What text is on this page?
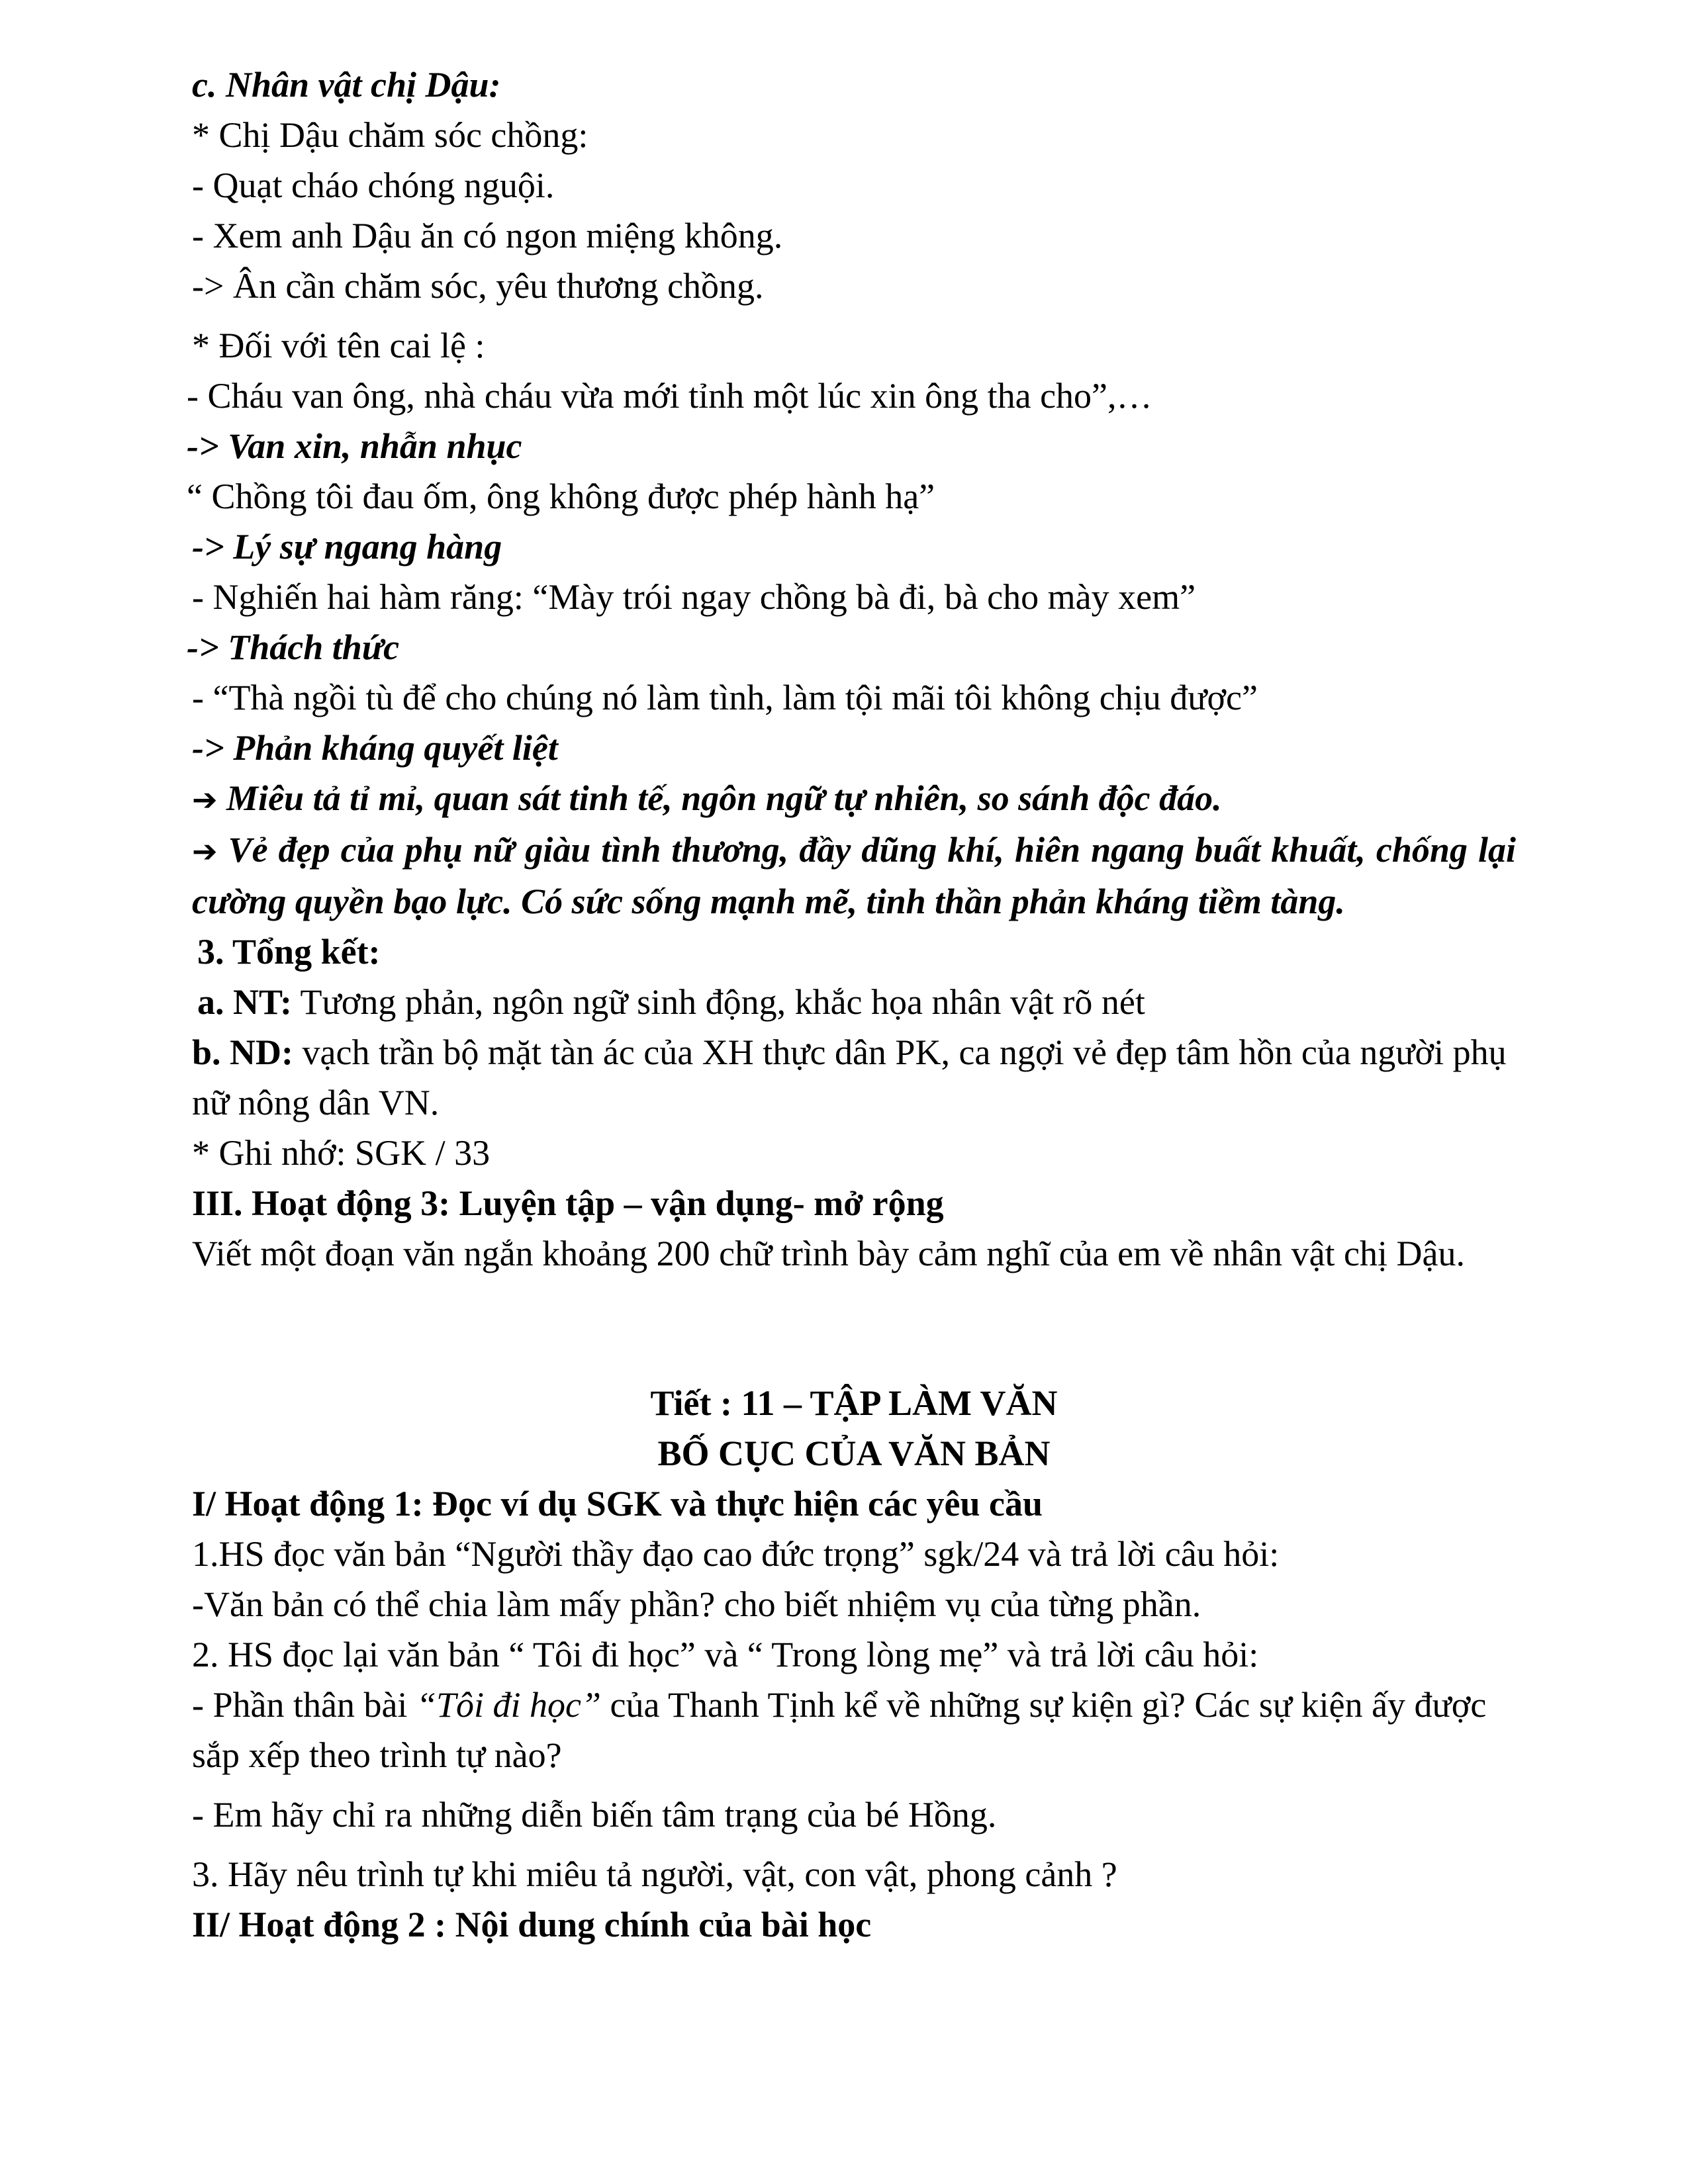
c. Nhân vật chị Dậu:

* Chị Dậu chăm sóc chồng:

- Quạt cháo chóng nguội.

- Xem anh Dậu ăn có ngon miệng không.

-> Ân cần chăm sóc, yêu thương chồng.

* Đối với tên cai lệ :

- Cháu van ông, nhà cháu vừa mới tỉnh một lúc xin ông tha cho”,…

-> Van xin, nhẫn nhục

“ Chồng tôi đau ốm, ông không được phép hành hạ”

-> Lý sự ngang hàng

- Nghiến hai hàm răng: “Mày trói ngay chồng bà đi, bà cho mày xem”

-> Thách thức

- “Thà ngồi tù để cho chúng nó làm tình, làm tội mãi tôi không chịu được”

-> Phản kháng quyết liệt

➔ Miêu tả tỉ mỉ, quan sát tinh tế, ngôn ngữ tự nhiên, so sánh độc đáo.

➔ Vẻ đẹp của phụ nữ giàu tình thương, đầy dũng khí, hiên ngang buất khuất, chống lại cường quyền bạo lực. Có sức sống mạnh mẽ, tinh thần phản kháng tiềm tàng.

3. Tổng kết:

a. NT: Tương phản, ngôn ngữ sinh động, khắc họa nhân vật rõ nét

b. ND: vạch trần bộ mặt tàn ác của XH thực dân PK, ca ngợi vẻ đẹp tâm hồn của người phụ nữ nông dân VN.

* Ghi nhớ: SGK / 33

III. Hoạt động 3: Luyện tập – vận dụng- mở rộng

Viết một đoạn văn ngắn khoảng 200 chữ trình bày cảm nghĩ của em về nhân vật chị Dậu.

Tiết : 11 – TẬP LÀM VĂN

BỐ CỤC CỦA VĂN BẢN

I/ Hoạt động 1: Đọc ví dụ SGK và thực hiện các yêu cầu

1.HS đọc văn bản “Người thầy đạo cao đức trọng” sgk/24 và trả lời câu hỏi:

-Văn bản có thể chia làm mấy phần? cho biết nhiệm vụ của từng phần.

2. HS đọc lại văn bản “ Tôi đi học” và “ Trong lòng mẹ” và trả lời câu hỏi:

- Phần thân bài “Tôi đi học” của Thanh Tịnh kể về những sự kiện gì? Các sự kiện ấy được sắp xếp theo trình tự nào?

- Em hãy chỉ ra những diễn biến tâm trạng của bé Hồng.

3. Hãy nêu trình tự khi miêu tả người, vật, con vật, phong cảnh ?

II/ Hoạt động 2 : Nội dung chính của bài học
